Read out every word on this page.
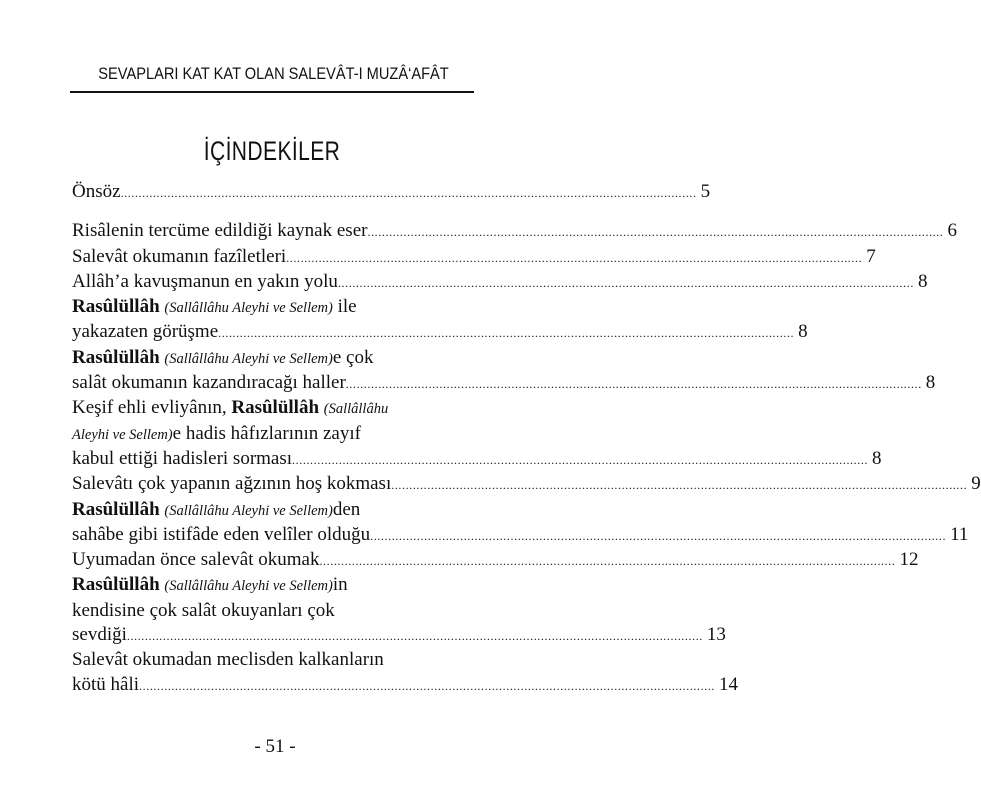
SEVAPLARI KAT KAT OLAN SALEVÂT-I MUZÂ‘AFÂT
İÇİNDEKİLER
Önsöz .....	5
Risâlenin tercüme edildiği kaynak eser .....	6
Salevât okumanın fazîletleri .....	7
Allâh’a kavuşmanun en yakın yolu .....	8
Rasûlüllâh (Sallâllâhu Aleyhi ve Sellem) ile
yakazaten görüşme .....	8
Rasûlüllâh (Sallâllâhu Aleyhi ve Sellem)e çok
salât okumanın kazandıracağı haller .....	8
Keşif ehli evliyânın, Rasûlüllâh (Sallâllâhu
Aleyhi ve Sellem)e hadis hâfızlarının zayıf
kabul ettiği hadisleri sorması .....	8
Salevâtı çok yapanın ağzının hoş kokması .....	9
Rasûlüllâh (Sallâllâhu Aleyhi ve Sellem)den
sahâbe gibi istifâde eden velîler olduğu .....	11
Uyumadan önce salevât okumak .....	12
Rasûlüllâh (Sallâllâhu Aleyhi ve Sellem)in
kendisine çok salât okuyanları çok
sevdiği .....	13
Salevât okumadan meclisden kalkanların
kötü hâli .....	14
- 51 -
